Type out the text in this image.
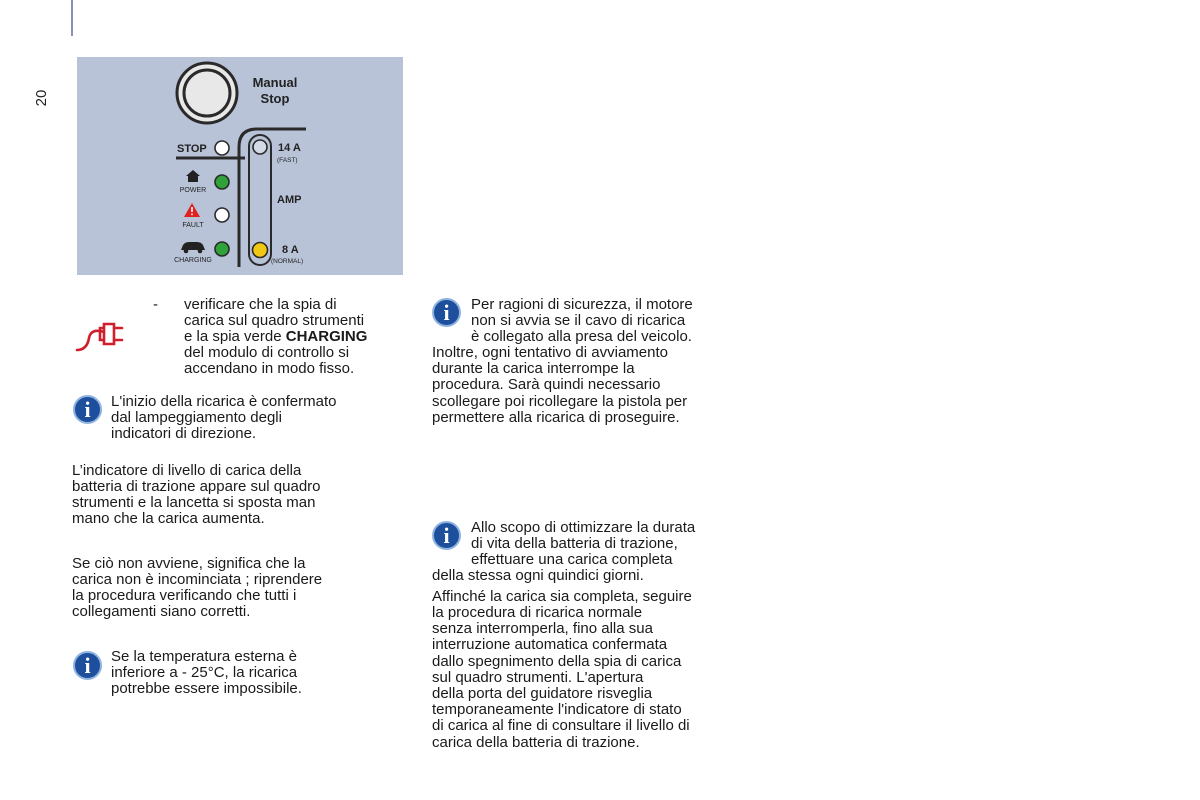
20
Manual
Stop
STOP
POWER
FAULT
CHARGING
14 A
(FAST)
AMP
8 A
(NORMAL)
- verificare che la spia di
carica sul quadro strumenti
e la spia verde CHARGING
del modulo di controllo si
accendano in modo fisso.
i	L'inizio della ricarica è confermato
dal lampeggiamento degli
indicatori di direzione.
L’indicatore di livello di carica della
batteria di trazione appare sul quadro
strumenti e la lancetta si sposta man
mano che la carica aumenta.
Se ciò non avviene, significa che la
carica non è incominciata ; riprendere
la procedura verificando che tutti i
collegamenti siano corretti.
i	Se la temperatura esterna è
inferiore a - 25°C, la ricarica
potrebbe essere impossibile.
i	Per ragioni di sicurezza, il motore
non si avvia se il cavo di ricarica
è collegato alla presa del veicolo.
Inoltre, ogni tentativo di avviamento
durante la carica interrompe la
procedura. Sarà quindi necessario
scollegare poi ricollegare la pistola per
permettere alla ricarica di proseguire.
i	Allo scopo di ottimizzare la durata
di vita della batteria di trazione,
effettuare una carica completa
della stessa ogni quindici giorni.
Affinché la carica sia completa, seguire
la procedura di ricarica normale
senza interromperla, fino alla sua
interruzione automatica confermata
dallo spegnimento della spia di carica
sul quadro strumenti. L'apertura
della porta del guidatore risveglia
temporaneamente l'indicatore di stato
di carica al fine di consultare il livello di
carica della batteria di trazione.
